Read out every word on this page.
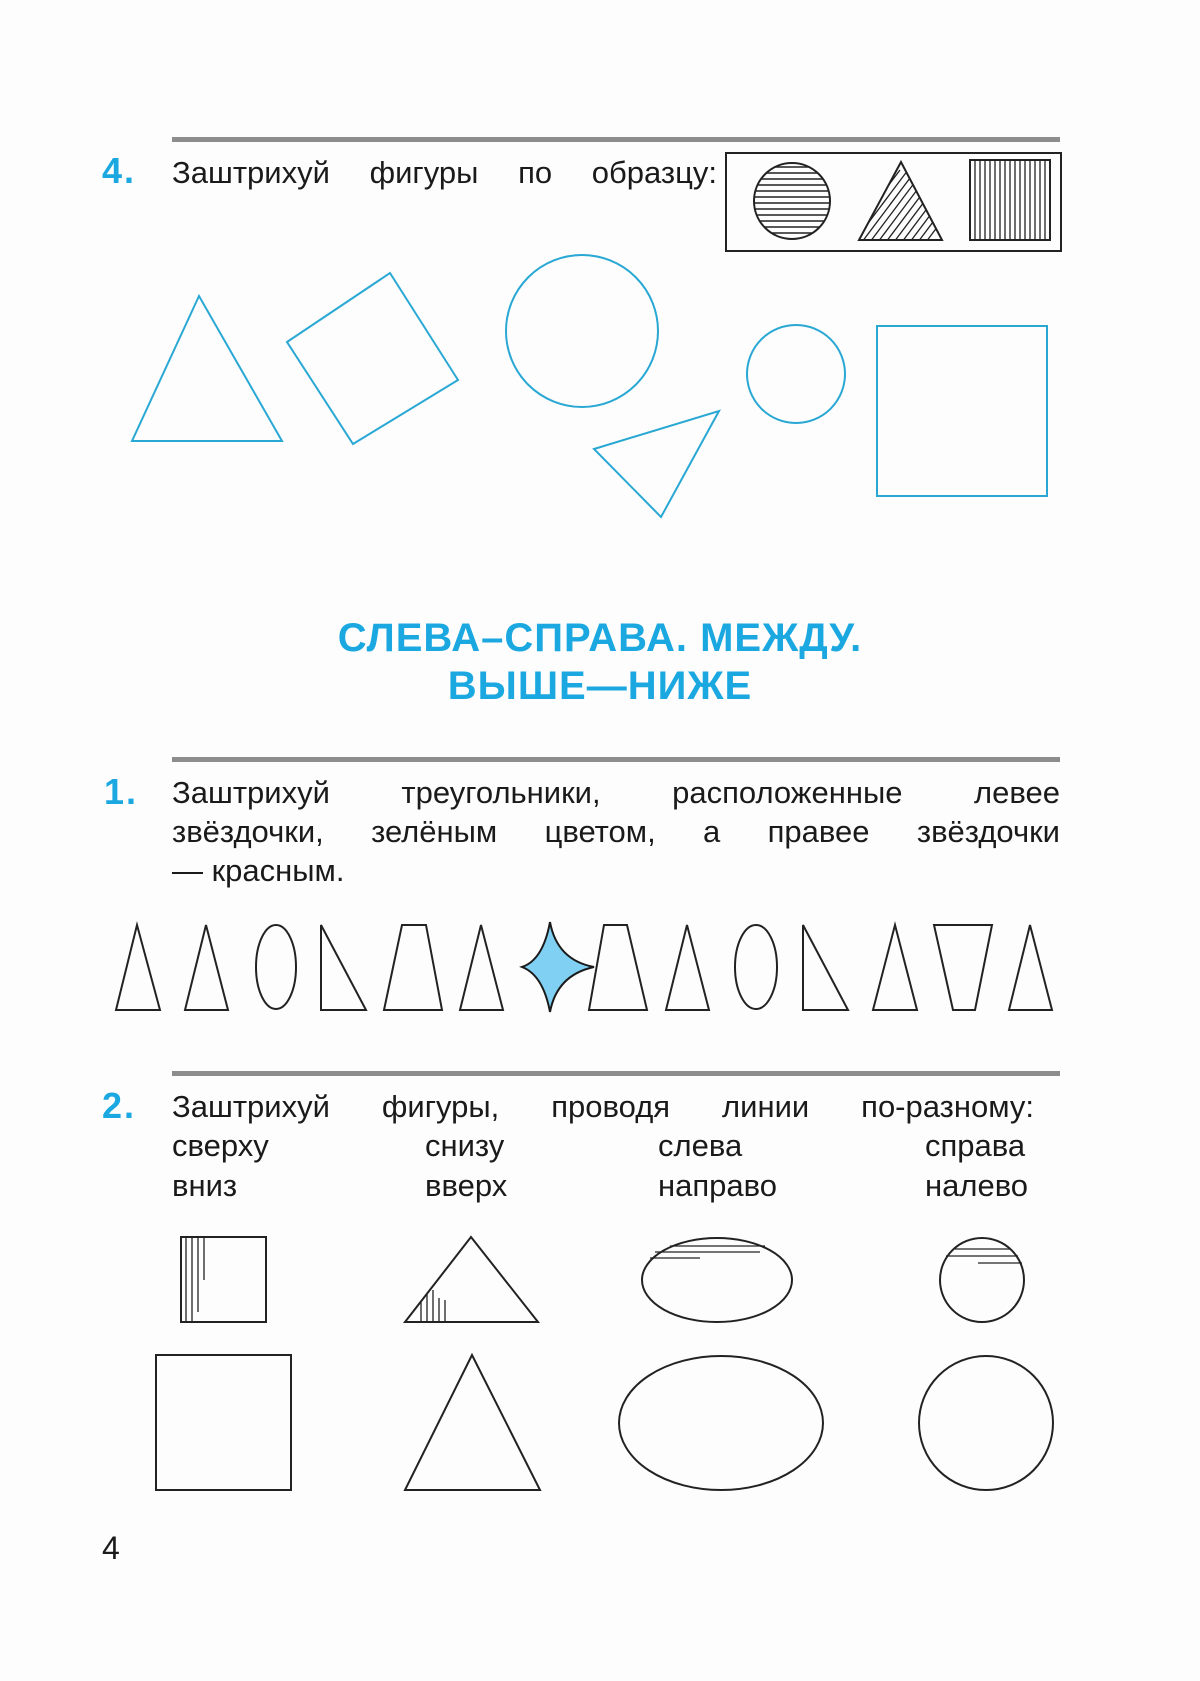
4. Заштрихуй фигуры по образцу:
СЛЕВА–СПРАВА. МЕЖДУ.
ВЫШЕ—НИЖЕ
1. Заштрихуй треугольники, расположенные левее
звёздочки, зелёным цветом, а правее звёздочки
— красным.
2. Заштрихуй фигуры, проводя линии по-разному:
сверху
вниз
снизу
вверх
слева
направо
справа
налево
4
